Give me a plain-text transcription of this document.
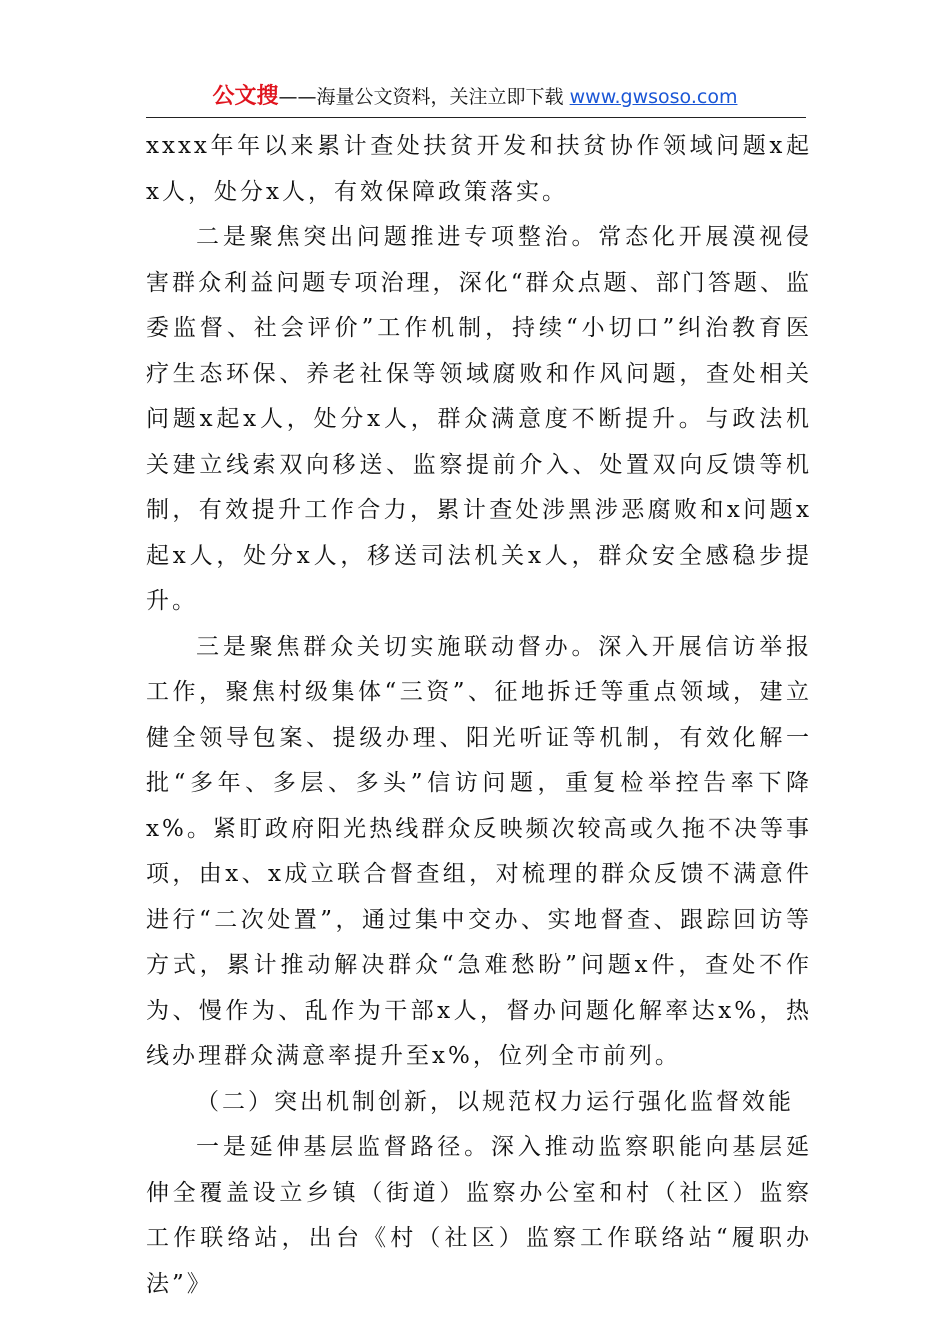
公文搜——海量公文资料，关注立即下载 www.gwsoso.com

xxxx年年以来累计查处扶贫开发和扶贫协作领域问题x起x人，处分x人，有效保障政策落实。

二是聚焦突出问题推进专项整治。常态化开展漠视侵害群众利益问题专项治理，深化“群众点题、部门答题、监委监督、社会评价”工作机制，持续“小切口”纠治教育医疗生态环保、养老社保等领域腐败和作风问题，查处相关问题x起x人，处分x人，群众满意度不断提升。与政法机关建立线索双向移送、监察提前介入、处置双向反馈等机制，有效提升工作合力，累计查处涉黑涉恶腐败和x问题x起x人，处分x人，移送司法机关x人，群众安全感稳步提升。

三是聚焦群众关切实施联动督办。深入开展信访举报工作，聚焦村级集体“三资”、征地拆迁等重点领域，建立健全领导包案、提级办理、阳光听证等机制，有效化解一批“多年、多层、多头”信访问题，重复检举控告率下降x%。紧盯政府阳光热线群众反映频次较高或久拖不决等事项，由x、x成立联合督查组，对梳理的群众反馈不满意件进行“二次处置”，通过集中交办、实地督查、跟踪回访等方式，累计推动解决群众“急难愁盼”问题x件，查处不作为、慢作为、乱作为干部x人，督办问题化解率达x%，热线办理群众满意率提升至x%，位列全市前列。

（二）突出机制创新，以规范权力运行强化监督效能

一是延伸基层监督路径。深入推动监察职能向基层延伸全覆盖设立乡镇（街道）监察办公室和村（社区）监察工作联络站，出台《村（社区）监察工作联络站“履职办法”》
